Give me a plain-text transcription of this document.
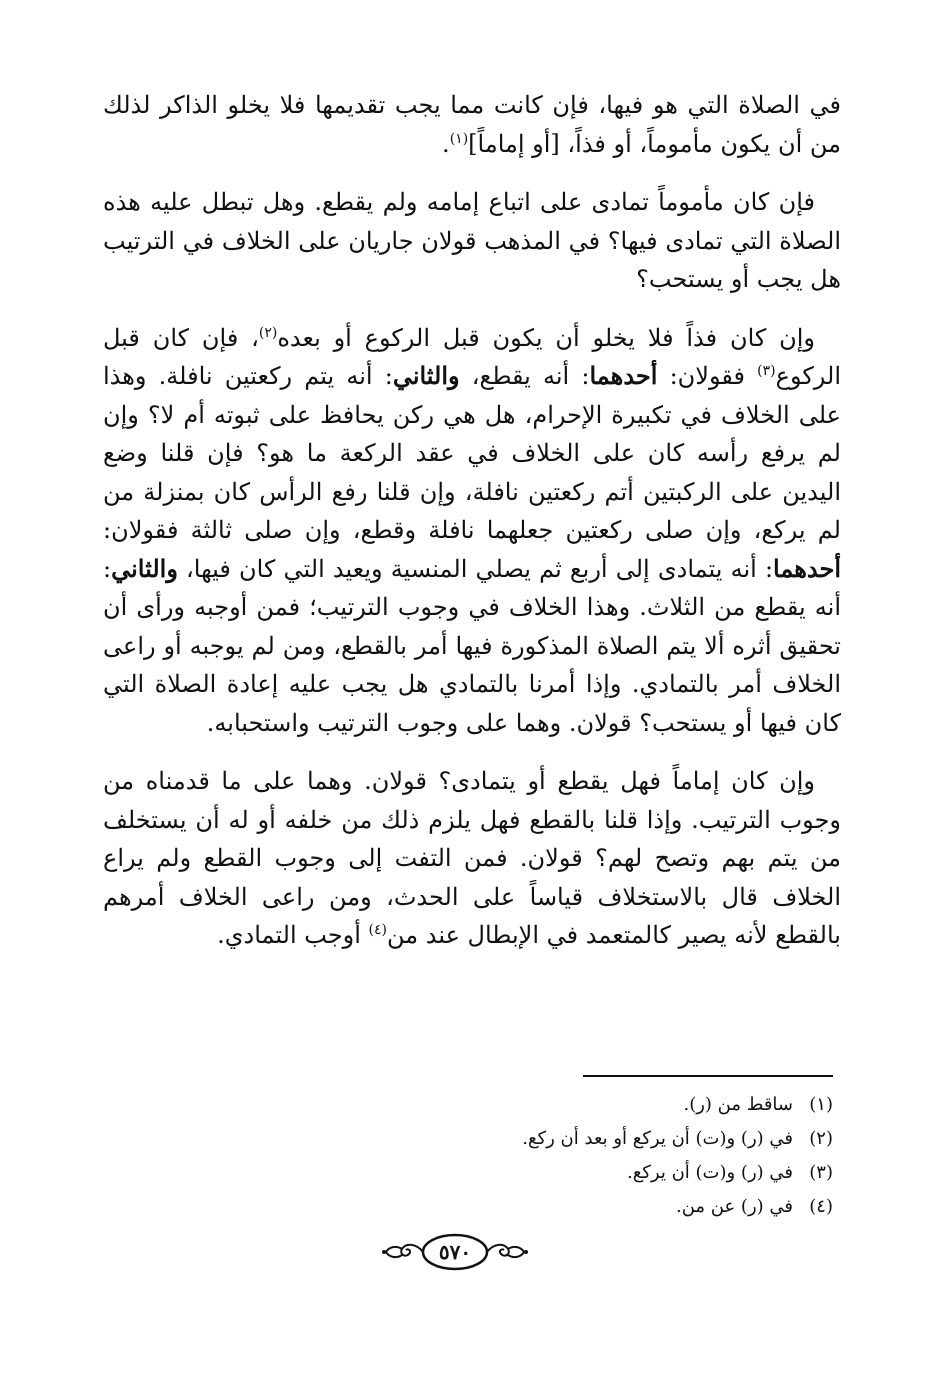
في الصلاة التي هو فيها، فإن كانت مما يجب تقديمها فلا يخلو الذاكر لذلك من أن يكون مأموماً، أو فذاً، [أو إماماً]$^{(١)}$.

فإن كان مأموماً تمادى على اتباع إمامه ولم يقطع. وهل تبطل عليه هذه الصلاة التي تمادى فيها؟ في المذهب قولان جاريان على الخلاف في الترتيب هل يجب أو يستحب؟

وإن كان فذاً فلا يخلو أن يكون قبل الركوع أو بعده$^{(٢)}$، فإن كان قبل الركوع$^{(٣)}$ فقولان: أحدهما: أنه يقطع، والثاني: أنه يتم ركعتين نافلة. وهذا على الخلاف في تكبيرة الإحرام، هل هي ركن يحافظ على ثبوته أم لا؟ وإن لم يرفع رأسه كان على الخلاف في عقد الركعة ما هو؟ فإن قلنا وضع اليدين على الركبتين أتم ركعتين نافلة، وإن قلنا رفع الرأس كان بمنزلة من لم يركع، وإن صلى ركعتين جعلهما نافلة وقطع، وإن صلى ثالثة فقولان: أحدهما: أنه يتمادى إلى أربع ثم يصلي المنسية ويعيد التي كان فيها، والثاني: أنه يقطع من الثلاث. وهذا الخلاف في وجوب الترتيب؛ فمن أوجبه ورأى أن تحقيق أثره ألا يتم الصلاة المذكورة فيها أمر بالقطع، ومن لم يوجبه أو راعى الخلاف أمر بالتمادي. وإذا أمرنا بالتمادي هل يجب عليه إعادة الصلاة التي كان فيها أو يستحب؟ قولان. وهما على وجوب الترتيب واستحبابه.

وإن كان إماماً فهل يقطع أو يتمادى؟ قولان. وهما على ما قدمناه من وجوب الترتيب. وإذا قلنا بالقطع فهل يلزم ذلك من خلفه أو له أن يستخلف من يتم بهم وتصح لهم؟ قولان. فمن التفت إلى وجوب القطع ولم يراع الخلاف قال بالاستخلاف قياساً على الحدث، ومن راعى الخلاف أمرهم بالقطع لأنه يصير كالمتعمد في الإبطال عند من$^{(٤)}$ أوجب التمادي.

(١)ساقط من (ر).
(٢)في (ر) و(ت) أن يركع أو بعد أن ركع.
(٣)في (ر) و(ت) أن يركع.
(٤)في (ر) عن من.
٥٧٠
